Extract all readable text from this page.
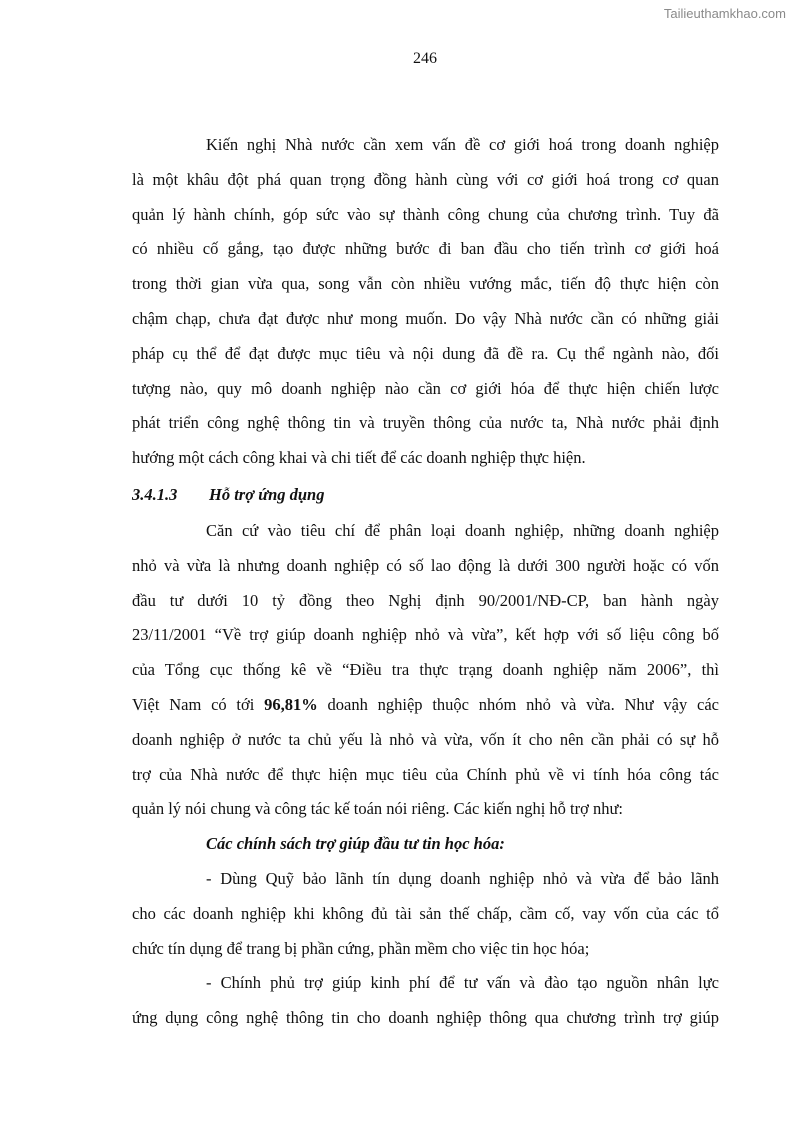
Tailieuthamkhao.com
246
Kiến nghị Nhà nước cần xem vấn đề cơ giới hoá trong doanh nghiệp
là một khâu đột phá quan trọng đồng hành cùng với cơ giới hoá trong cơ quan
quản lý hành chính, góp sức vào sự thành công chung của chương trình. Tuy đã
có nhiều cố gắng, tạo được những bước đi ban đầu cho tiến trình cơ giới hoá
trong thời gian vừa qua, song vẫn còn nhiều vướng mắc, tiến độ thực hiện còn
chậm chạp, chưa đạt được như mong muốn. Do vậy Nhà nước cần có những giải
pháp cụ thể để đạt được mục tiêu và nội dung đã đề ra. Cụ thể ngành nào, đối
tượng nào, quy mô doanh nghiệp nào cần cơ giới hóa để thực hiện chiến lược
phát triển công nghệ thông tin và truyền thông của nước ta, Nhà nước phải định
hướng một cách công khai và chi tiết để các doanh nghiệp thực hiện.
3.4.1.3 Hỗ trợ ứng dụng
Căn cứ vào tiêu chí để phân loại doanh nghiệp, những doanh nghiệp
nhỏ và vừa là nhưng doanh nghiệp có số lao động là dưới 300 người hoặc có vốn
đầu tư dưới 10 tỷ đồng theo Nghị định 90/2001/NĐ-CP, ban hành ngày
23/11/2001 “Về trợ giúp doanh nghiệp nhỏ và vừa”, kết hợp với số liệu công bố
của Tổng cục thống kê về “Điều tra thực trạng doanh nghiệp năm 2006”, thì
Việt Nam có tới 96,81% doanh nghiệp thuộc nhóm nhỏ và vừa. Như vậy các
doanh nghiệp ở nước ta chủ yếu là nhỏ và vừa, vốn ít cho nên cần phải có sự hỗ
trợ của Nhà nước để thực hiện mục tiêu của Chính phủ về vi tính hóa công tác
quản lý nói chung và công tác kế toán nói riêng. Các kiến nghị hỗ trợ như:
Các chính sách trợ giúp đầu tư tin học hóa:
- Dùng Quỹ bảo lãnh tín dụng doanh nghiệp nhỏ và vừa để bảo lãnh
cho các doanh nghiệp khi không đủ tài sản thế chấp, cầm cố, vay vốn của các tổ
chức tín dụng để trang bị phần cứng, phần mềm cho việc tin học hóa;
- Chính phủ trợ giúp kinh phí để tư vấn và đào tạo nguồn nhân lực
ứng dụng công nghệ thông tin cho doanh nghiệp thông qua chương trình trợ giúp
